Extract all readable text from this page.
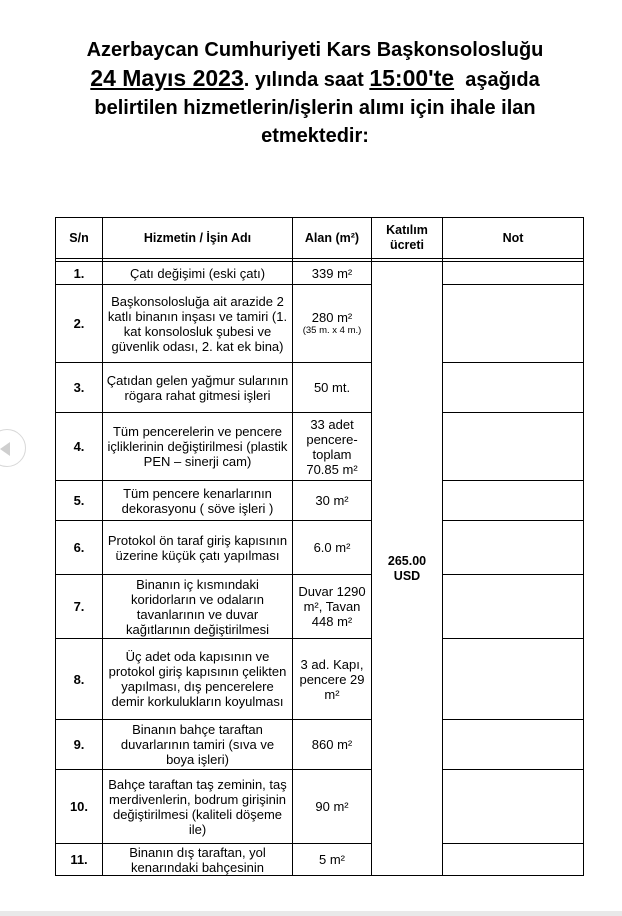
Azerbaycan Cumhuriyeti Kars Başkonsolosluğu
24 Mayıs 2023. yılında saat 15:00'te aşağıda
belirtilen hizmetlerin/işlerin alımı için ihale ilan
etmektedir:
S/n	Hizmetin / İşin Adı	Alan (m²)	Katılım ücreti	Not

1.	Çatı değişimi (eski çatı)	339 m²	265.00
USD	
2.	Başkonsolosluğa ait arazide 2 katlı binanın inşası ve tamiri (1. kat konsolosluk şubesi ve güvenlik odası, 2. kat ek bina)	280 m²
(35 m. x 4 m.)		

3.	Çatıdan gelen yağmur sularının rögara rahat gitmesi işleri	50 mt.		
4.	Tüm pencerelerin ve pencere içliklerinin değiştirilmesi (plastik PEN – sinerji cam)	33 adet pencere-toplam 70.85 m²		
5.	Tüm pencere kenarlarının dekorasyonu ( söve işleri )	30 m²		
6.	Protokol ön taraf giriş kapısının üzerine küçük çatı yapılması	6.0 m²		
7.	Binanın iç kısmındaki koridorların ve odaların tavanlarının ve duvar kağıtlarının değiştirilmesi	Duvar 1290 m², Tavan 448 m²		
8.	Üç adet oda kapısının ve protokol giriş kapısının çelikten yapılması, dış pencerelere demir korkulukların koyulması	3 ad. Kapı, pencere 29 m²		
9.	Binanın bahçe taraftan duvarlarının tamiri (sıva ve boya işleri)	860 m²		
10.	Bahçe taraftan taş zeminin, taş merdivenlerin, bodrum girişinin değiştirilmesi (kaliteli döşeme ile)	90 m²		
11.	Binanın dış taraftan, yol kenarındaki bahçesinin	5 m²		
